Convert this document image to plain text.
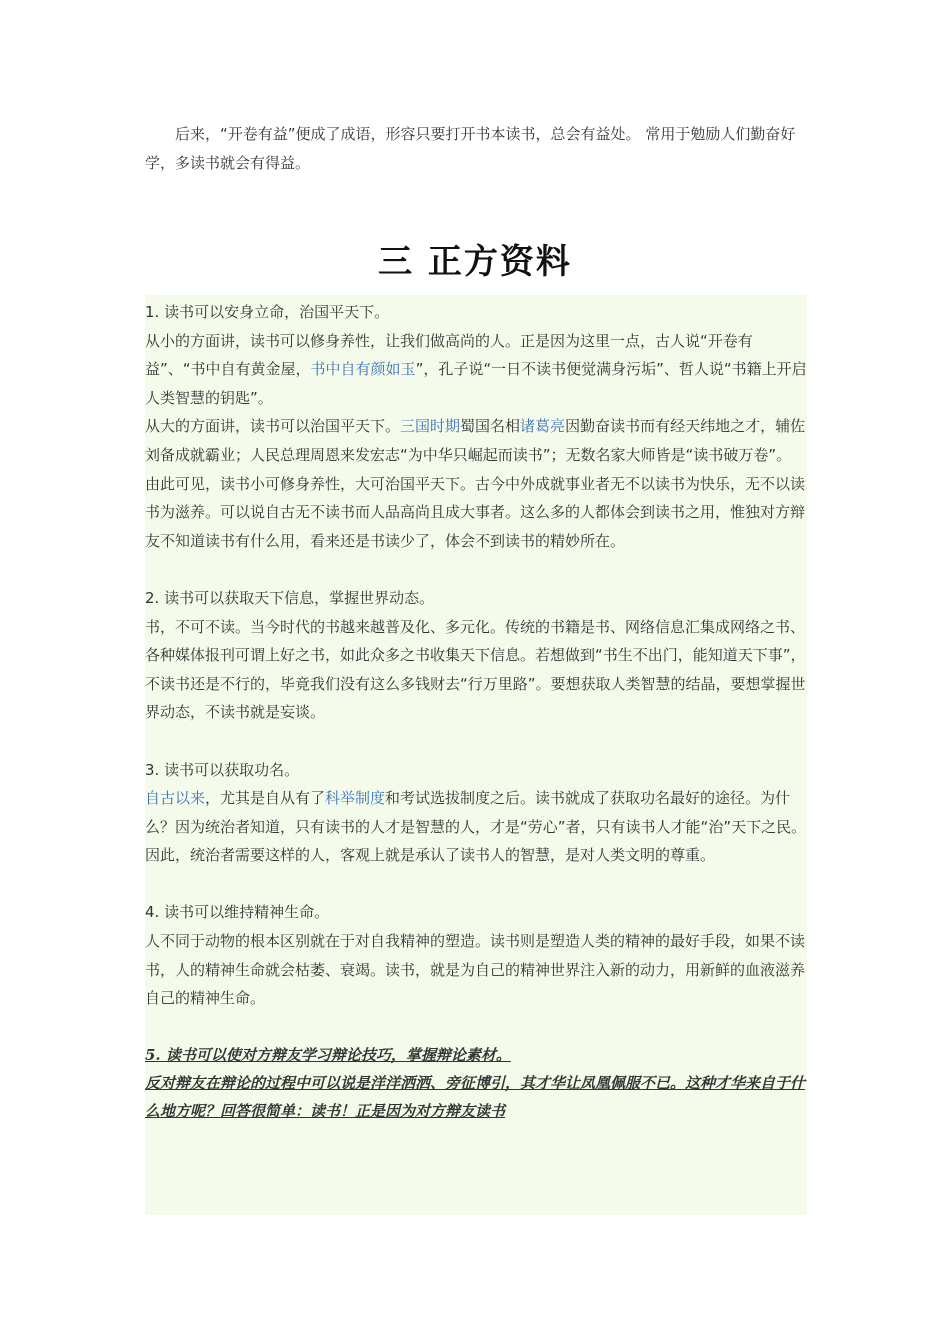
后来，“开卷有益”便成了成语，形容只要打开书本读书，总会有益处。 常用于勉励人们勤奋好学，多读书就会有得益。

三 正方资料

1. 读书可以安身立命，治国平天下。

从小的方面讲，读书可以修身养性，让我们做高尚的人。正是因为这里一点，古人说“开卷有益”、“书中自有黄金屋，书中自有颜如玉”，孔子说“一日不读书便觉满身污垢”、哲人说“书籍上开启人类智慧的钥匙”。

从大的方面讲，读书可以治国平天下。三国时期蜀国名相诸葛亮因勤奋读书而有经天纬地之才，辅佐刘备成就霸业；人民总理周恩来发宏志“为中华只崛起而读书”；无数名家大师皆是“读书破万卷”。

由此可见，读书小可修身养性，大可治国平天下。古今中外成就事业者无不以读书为快乐，无不以读书为滋养。可以说自古无不读书而人品高尚且成大事者。这么多的人都体会到读书之用，惟独对方辩友不知道读书有什么用，看来还是书读少了，体会不到读书的精妙所在。

2. 读书可以获取天下信息，掌握世界动态。

书，不可不读。当今时代的书越来越普及化、多元化。传统的书籍是书、网络信息汇集成网络之书、各种媒体报刊可谓上好之书，如此众多之书收集天下信息。若想做到“书生不出门，能知道天下事”，不读书还是不行的，毕竟我们没有这么多钱财去“行万里路”。要想获取人类智慧的结晶，要想掌握世界动态，不读书就是妄谈。

3. 读书可以获取功名。

自古以来，尤其是自从有了科举制度和考试选拔制度之后。读书就成了获取功名最好的途径。为什么？因为统治者知道，只有读书的人才是智慧的人，才是“劳心”者，只有读书人才能“治”天下之民。因此，统治者需要这样的人，客观上就是承认了读书人的智慧，是对人类文明的尊重。

4. 读书可以维持精神生命。

人不同于动物的根本区别就在于对自我精神的塑造。读书则是塑造人类的精神的最好手段，如果不读书，人的精神生命就会枯萎、衰竭。读书，就是为自己的精神世界注入新的动力，用新鲜的血液滋养自己的精神生命。

5. 读书可以使对方辩友学习辩论技巧，掌握辩论素材。

反对辩友在辩论的过程中可以说是洋洋洒洒、旁征博引，其才华让凤凰佩服不已。这种才华来自于什么地方呢？回答很简单：读书！正是因为对方辩友读书
